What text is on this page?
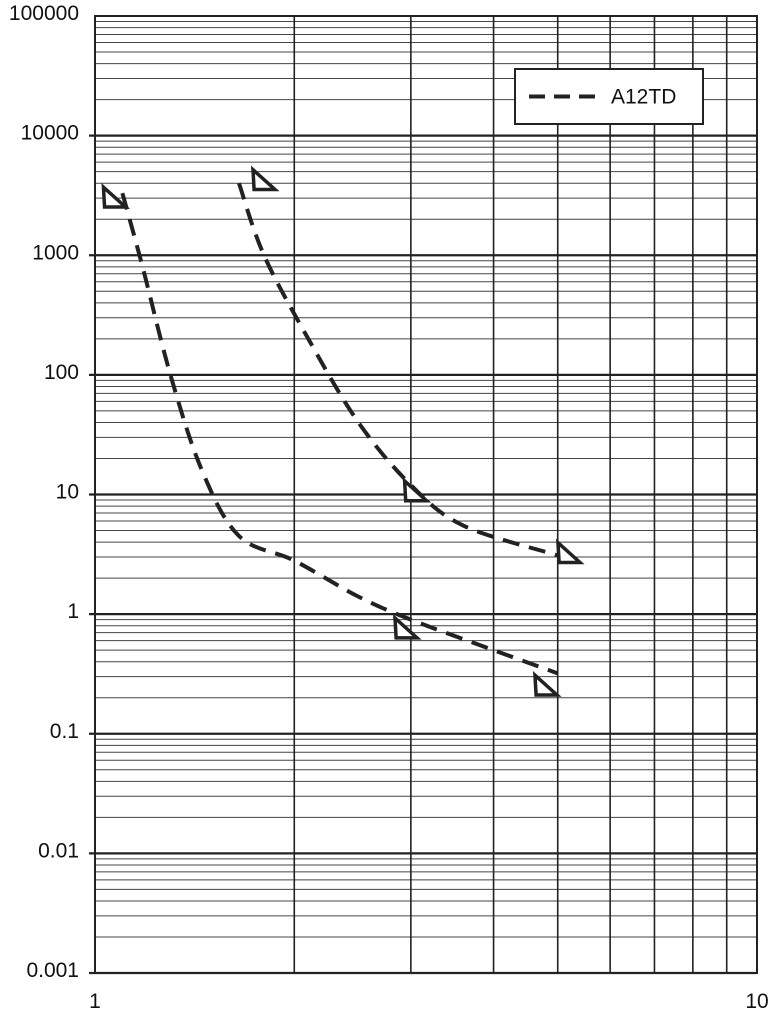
100000
10000
1000
100
10
1
0.1
0.01
0.001
1	10
A12TD
